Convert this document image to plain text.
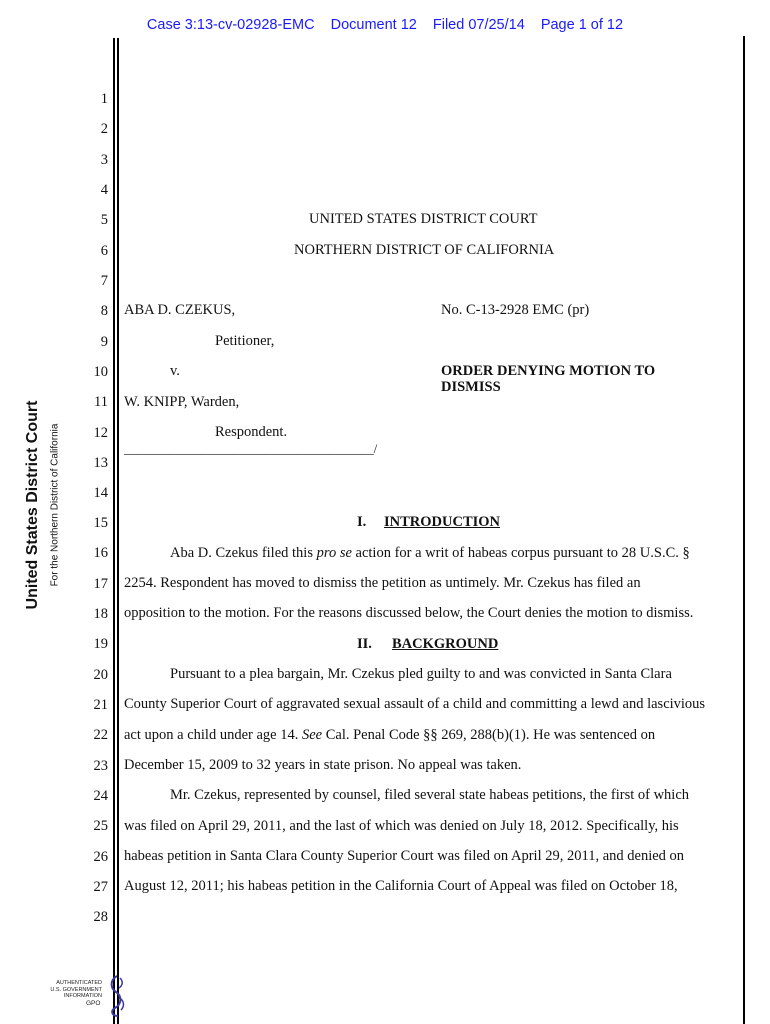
Case 3:13-cv-02928-EMC Document 12 Filed 07/25/14 Page 1 of 12
United States District Court For the Northern District of California
1
2
3
4
5
6
7
8
9
10
11
12
13
14
15
16
17
18
19
20
21
22
23
24
25
26
27
28
UNITED STATES DISTRICT COURT
NORTHERN DISTRICT OF CALIFORNIA
ABA D. CZEKUS,	No. C-13-2928 EMC (pr)
Petitioner,
v.	ORDER DENYING MOTION TO
DISMISS
W. KNIPP, Warden,
Respondent.
_______________________________________/
I. INTRODUCTION
Aba D. Czekus filed this pro se action for a writ of habeas corpus pursuant to 28 U.S.C. §
2254. Respondent has moved to dismiss the petition as untimely. Mr. Czekus has filed an
opposition to the motion. For the reasons discussed below, the Court denies the motion to dismiss.
II. BACKGROUND
Pursuant to a plea bargain, Mr. Czekus pled guilty to and was convicted in Santa Clara
County Superior Court of aggravated sexual assault of a child and committing a lewd and lascivious
act upon a child under age 14. See Cal. Penal Code §§ 269, 288(b)(1). He was sentenced on
December 15, 2009 to 32 years in state prison. No appeal was taken.
Mr. Czekus, represented by counsel, filed several state habeas petitions, the first of which
was filed on April 29, 2011, and the last of which was denied on July 18, 2012. Specifically, his
habeas petition in Santa Clara County Superior Court was filed on April 29, 2011, and denied on
August 12, 2011; his habeas petition in the California Court of Appeal was filed on October 18,
AUTHENTICATED
U.S. GOVERNMENT
INFORMATION
GPO
